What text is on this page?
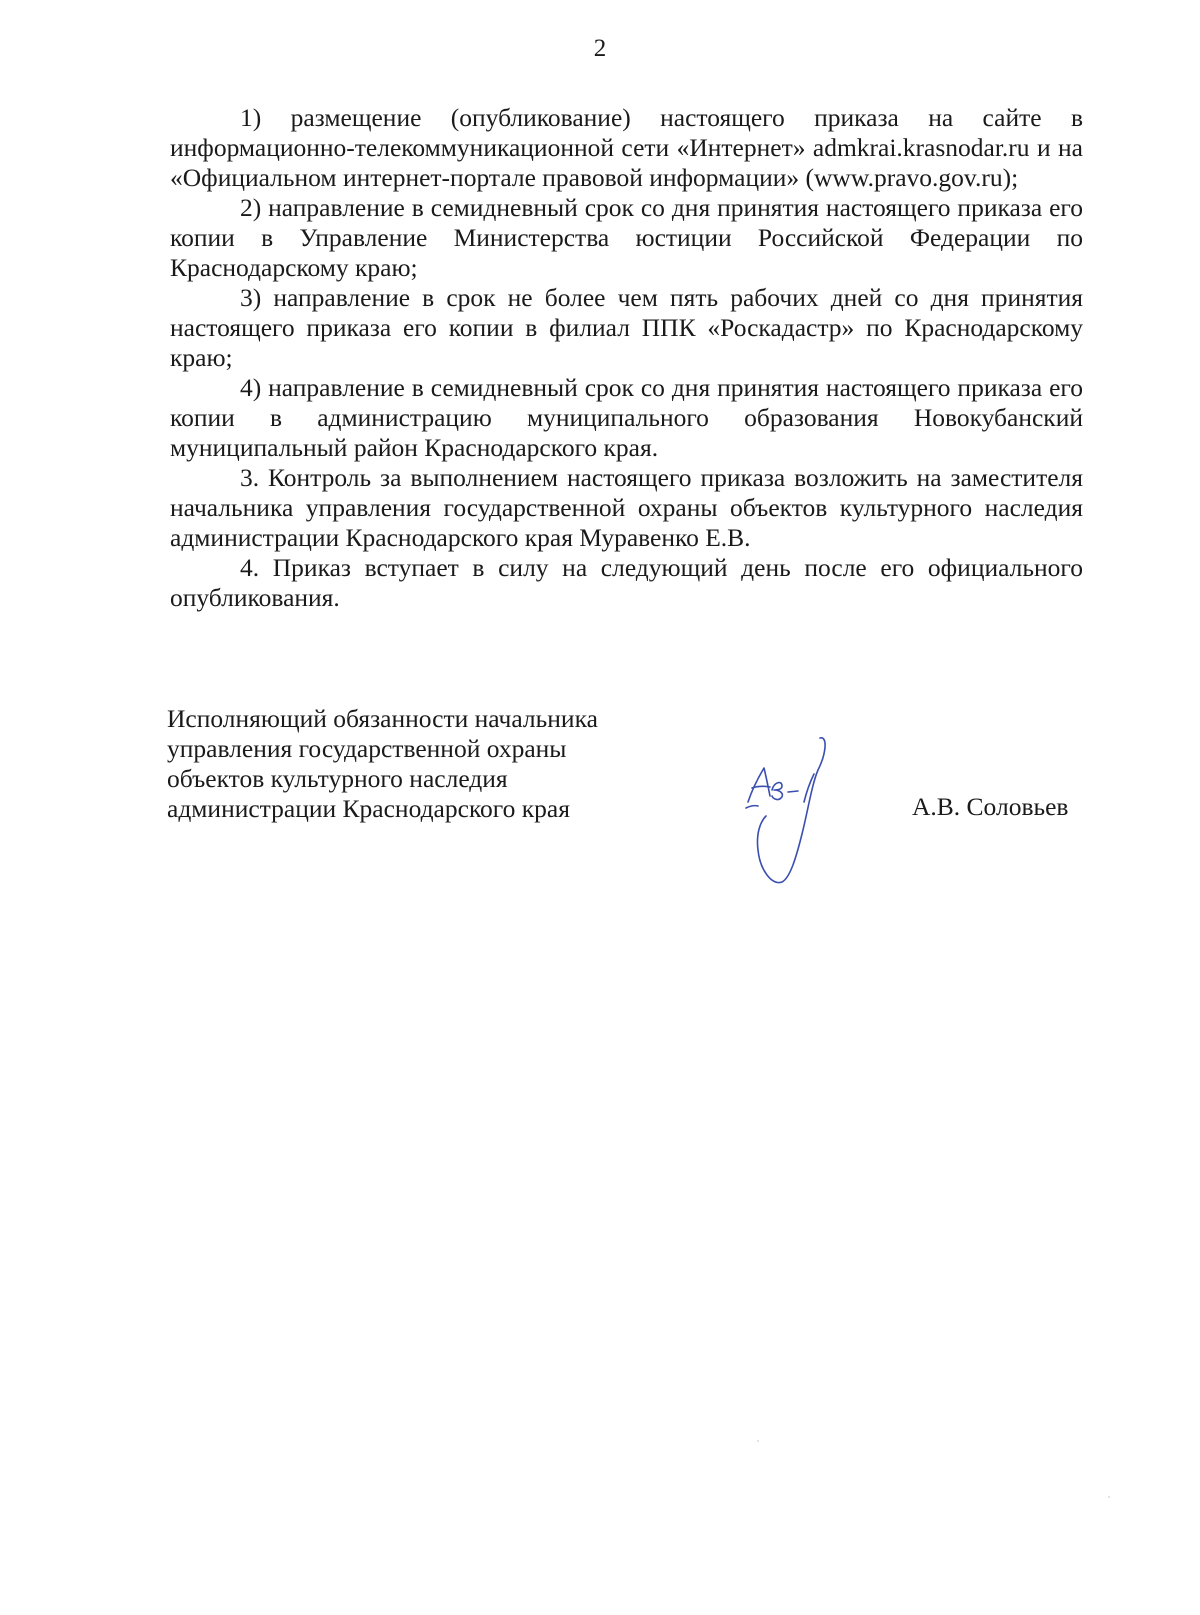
2

1) размещение (опубликование) настоящего приказа на сайте в информационно-телекоммуникационной сети «Интернет» admkrai.krasnodar.ru и на «Официальном интернет-портале правовой информации» (www.pravo.gov.ru);

2) направление в семидневный срок со дня принятия настоящего приказа его копии в Управление Министерства юстиции Российской Федерации по Краснодарскому краю;

3) направление в срок не более чем пять рабочих дней со дня принятия настоящего приказа его копии в филиал ППК «Роскадастр» по Краснодарскому краю;

4) направление в семидневный срок со дня принятия настоящего приказа его копии в администрацию муниципального образования Новокубанский муниципальный район Краснодарского края.

3. Контроль за выполнением настоящего приказа возложить на заместителя начальника управления государственной охраны объектов культурного наследия администрации Краснодарского края Муравенко Е.В.

4. Приказ вступает в силу на следующий день после его официального опубликования.

Исполняющий обязанности начальника
управления государственной охраны
объектов культурного наследия
администрации Краснодарского края	А.В. Соловьев
